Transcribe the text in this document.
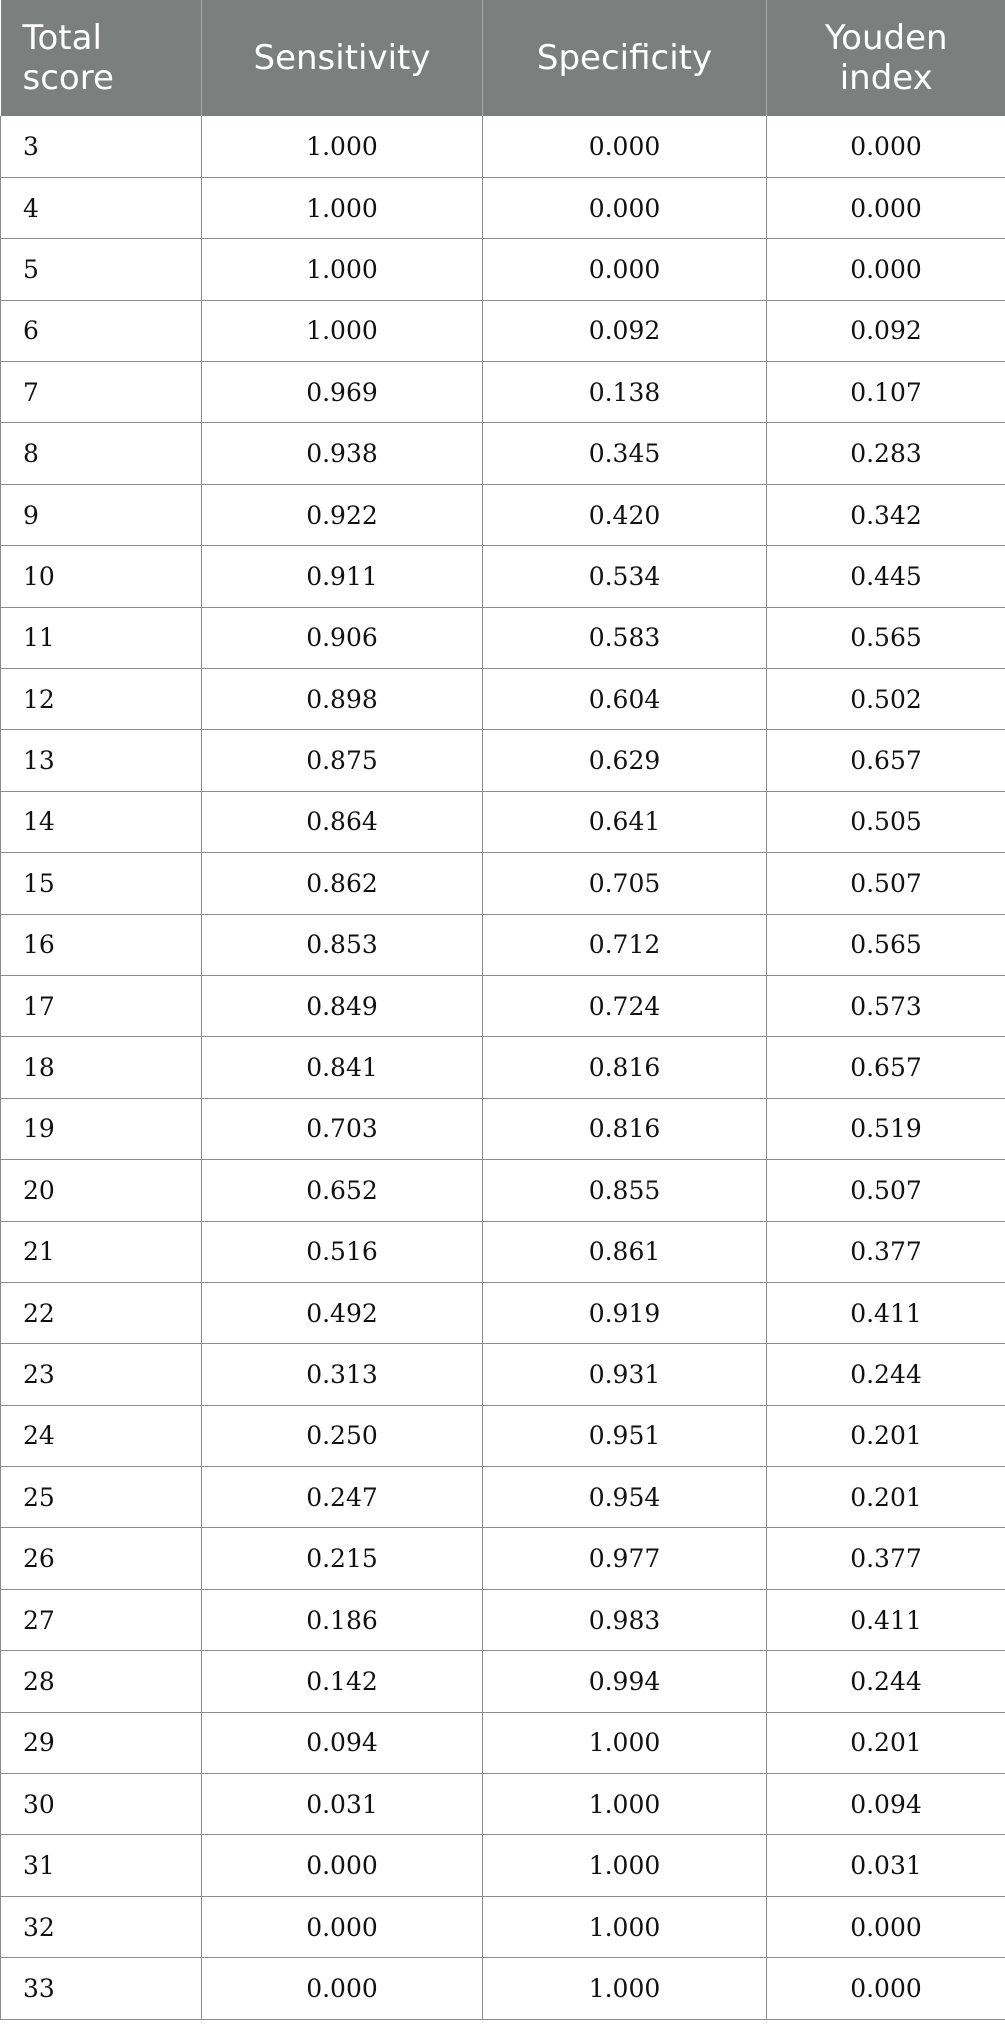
Total score	Sensitivity	Specificity	Youden index
3	1.000	0.000	0.000
4	1.000	0.000	0.000
5	1.000	0.000	0.000
6	1.000	0.092	0.092
7	0.969	0.138	0.107
8	0.938	0.345	0.283
9	0.922	0.420	0.342
10	0.911	0.534	0.445
11	0.906	0.583	0.565
12	0.898	0.604	0.502
13	0.875	0.629	0.657
14	0.864	0.641	0.505
15	0.862	0.705	0.507
16	0.853	0.712	0.565
17	0.849	0.724	0.573
18	0.841	0.816	0.657
19	0.703	0.816	0.519
20	0.652	0.855	0.507
21	0.516	0.861	0.377
22	0.492	0.919	0.411
23	0.313	0.931	0.244
24	0.250	0.951	0.201
25	0.247	0.954	0.201
26	0.215	0.977	0.377
27	0.186	0.983	0.411
28	0.142	0.994	0.244
29	0.094	1.000	0.201
30	0.031	1.000	0.094
31	0.000	1.000	0.031
32	0.000	1.000	0.000
33	0.000	1.000	0.000
